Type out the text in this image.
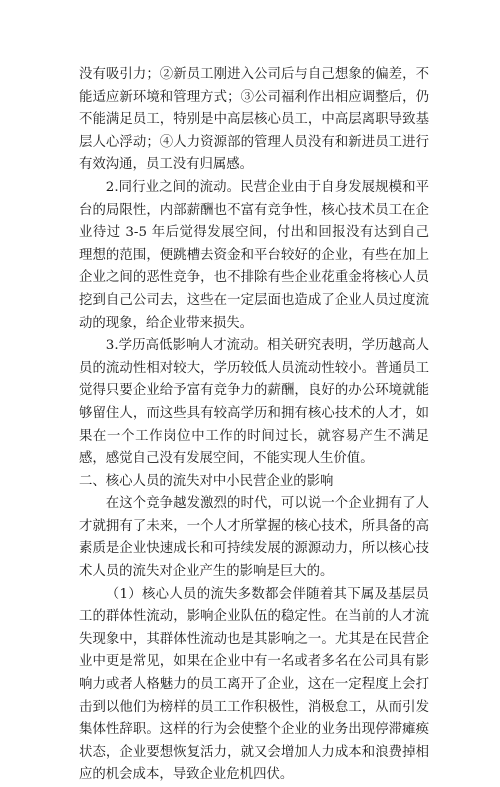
没有吸引力；②新员工刚进入公司后与自己想象的偏差，不能适应新环境和管理方式；③公司福利作出相应调整后，仍不能满足员工，特别是中高层核心员工，中高层离职导致基层人心浮动；④人力资源部的管理人员没有和新进员工进行有效沟通，员工没有归属感。

2.同行业之间的流动。民营企业由于自身发展规模和平台的局限性，内部薪酬也不富有竞争性，核心技术员工在企业待过 3-5 年后觉得发展空间，付出和回报没有达到自己理想的范围，便跳槽去资金和平台较好的企业，有些在加上企业之间的恶性竞争，也不排除有些企业花重金将核心人员挖到自己公司去，这些在一定层面也造成了企业人员过度流动的现象，给企业带来损失。

3.学历高低影响人才流动。相关研究表明，学历越高人员的流动性相对较大，学历较低人员流动性较小。普通员工觉得只要企业给予富有竞争力的薪酬，良好的办公环境就能够留住人，而这些具有较高学历和拥有核心技术的人才，如果在一个工作岗位中工作的时间过长，就容易产生不满足感，感觉自己没有发展空间，不能实现人生价值。

二、核心人员的流失对中小民营企业的影响

在这个竞争越发激烈的时代，可以说一个企业拥有了人才就拥有了未来，一个人才所掌握的核心技术，所具备的高素质是企业快速成长和可持续发展的源源动力，所以核心技术人员的流失对企业产生的影响是巨大的。

（1）核心人员的流失多数都会伴随着其下属及基层员工的群体性流动，影响企业队伍的稳定性。在当前的人才流失现象中，其群体性流动也是其影响之一。尤其是在民营企业中更是常见，如果在企业中有一名或者多名在公司具有影响力或者人格魅力的员工离开了企业，这在一定程度上会打击到以他们为榜样的员工工作积极性，消极怠工，从而引发集体性辞职。这样的行为会使整个企业的业务出现停滞瘫痪状态，企业要想恢复活力，就又会增加人力成本和浪费掉相应的机会成本，导致企业危机四伏。
